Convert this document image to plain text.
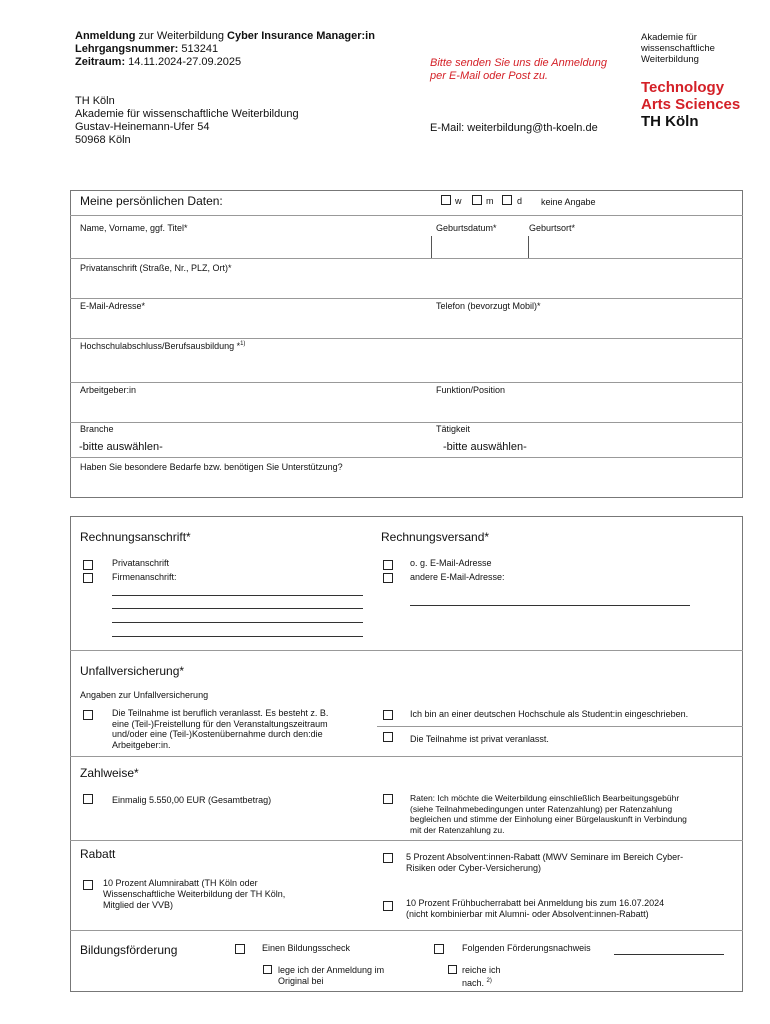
Anmeldung zur Weiterbildung Cyber Insurance Manager:in
Lehrgangsnummer: 513241
Zeitraum: 14.11.2024-27.09.2025	Bitte senden Sie uns die Anmeldung
per E-Mail oder Post zu.
TH Köln
Akademie für wissenschaftliche Weiterbildung
Gustav-Heinemann-Ufer 54
50968 Köln
E-Mail: weiterbildung@th-koeln.de
Akademie für
wissenschaftliche
Weiterbildung
Technology
Arts Sciences
TH Köln
Meine persönlichen Daten:	w	m	d keine Angabe
Name, Vorname, ggf. Titel*	Geburtsdatum*	Geburtsort*
Privatanschrift (Straße, Nr., PLZ, Ort)*
E-Mail-Adresse*	Telefon (bevorzugt Mobil)*
Hochschulabschluss/Berufsausbildung *$^{1)}$
Arbeitgeber:in	Funktion/Position
Branche	Tätigkeit
-bitte auswählen-	-bitte auswählen-
Haben Sie besondere Bedarfe bzw. benötigen Sie Unterstützung?
Rechnungsanschrift*
Privatanschrift
Firmenanschrift:
Rechnungsversand*
o. g. E-Mail-Adresse
andere E-Mail-Adresse:
Unfallversicherung*
Angaben zur Unfallversicherung
Die Teilnahme ist beruflich veranlasst. Es besteht z. B.
eine (Teil-)Freistellung für den Veranstaltungszeitraum
und/oder eine (Teil-)Kostenübernahme durch den:die
Arbeitgeber:in.
Ich bin an einer deutschen Hochschule als Student:in eingeschrieben.
Die Teilnahme ist privat veranlasst.
Zahlweise*
Einmalig 5.550,00 EUR (Gesamtbetrag)	Raten: Ich möchte die Weiterbildung einschließlich Bearbeitungsgebühr
(siehe Teilnahmebedingungen unter Ratenzahlung) per Ratenzahlung
begleichen und stimme der Einholung einer Bürgelauskunft in Verbindung
mit der Ratenzahlung zu.
Rabatt	5 Prozent Absolvent:innen-Rabatt (MWV Seminare im Bereich Cyber-
Risiken oder Cyber-Versicherung)
10 Prozent Alumnirabatt (TH Köln oder
Wissenschaftliche Weiterbildung der TH Köln,
Mitglied der VVB)	10 Prozent Frühbucherrabatt bei Anmeldung bis zum 16.07.2024
(nicht kombinierbar mit Alumni- oder Absolvent:innen-Rabatt)
Bildungsförderung	Einen Bildungsscheck
lege ich der Anmeldung im
Original bei
Folgenden Förderungsnachweis
reiche ich
nach. $^{2)}$
